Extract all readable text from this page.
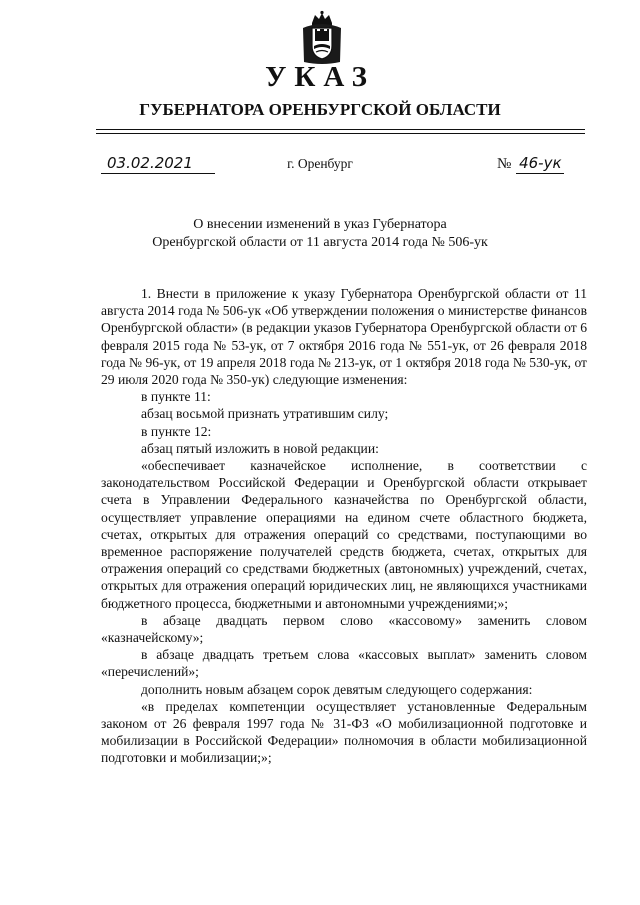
УКАЗ
ГУБЕРНАТОРА ОРЕНБУРГСКОЙ ОБЛАСТИ
03.02.2021	г. Оренбург	№ 46-ук
О внесении изменений в указ Губернатора
Оренбургской области от 11 августа 2014 года № 506-ук

1. Внести в приложение к указу Губернатора Оренбургской области от 11 августа 2014 года № 506-ук «Об утверждении положения о министерстве финансов Оренбургской области» (в редакции указов Губернатора Оренбургской области от 6 февраля 2015 года № 53-ук, от 7 октября 2016 года № 551-ук, от 26 февраля 2018 года № 96-ук, от 19 апреля 2018 года № 213-ук, от 1 октября 2018 года № 530-ук, от 29 июля 2020 года № 350-ук) следующие изменения:

в пункте 11:

абзац восьмой признать утратившим силу;

в пункте 12:

абзац пятый изложить в новой редакции:

«обеспечивает казначейское исполнение, в соответствии с законодательством Российской Федерации и Оренбургской области открывает счета в Управлении Федерального казначейства по Оренбургской области, осуществляет управление операциями на едином счете областного бюджета, счетах, открытых для отражения операций со средствами, поступающими во временное распоряжение получателей средств бюджета, счетах, открытых для отражения операций со средствами бюджетных (автономных) учреждений, счетах, открытых для отражения операций юридических лиц, не являющихся участниками бюджетного процесса, бюджетными и автономными учреждениями;»;

в абзаце двадцать первом слово «кассовому» заменить словом «казначейскому»;

в абзаце двадцать третьем слова «кассовых выплат» заменить словом «перечислений»;

дополнить новым абзацем сорок девятым следующего содержания:

«в пределах компетенции осуществляет установленные Федеральным законом от 26 февраля 1997 года № 31-ФЗ «О мобилизационной подготовке и мобилизации в Российской Федерации» полномочия в области мобилизационной подготовки и мобилизации;»;
